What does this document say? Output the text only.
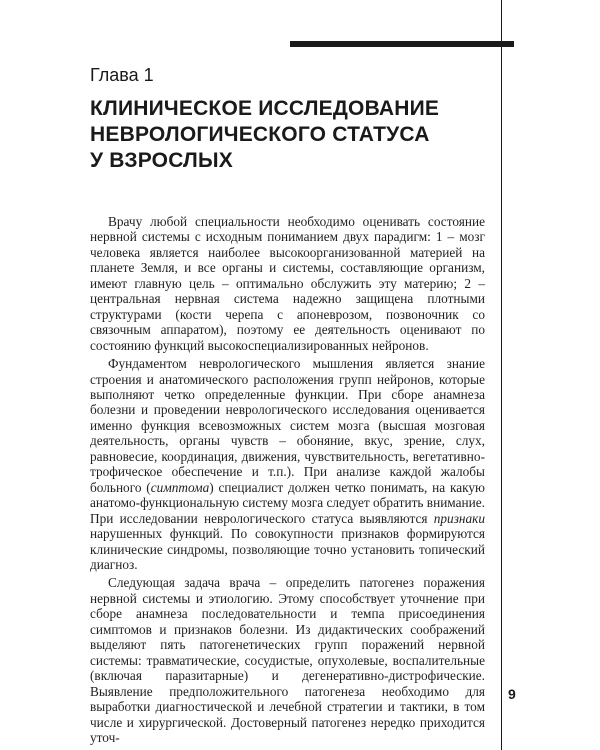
Глава 1
КЛИНИЧЕСКОЕ ИССЛЕДОВАНИЕ
НЕВРОЛОГИЧЕСКОГО СТАТУСА
У ВЗРОСЛЫХ

Врачу любой специальности необходимо оценивать состояние нервной системы с исходным пониманием двух парадигм: 1 – мозг человека является наиболее высокоорганизованной материей на планете Земля, и все органы и системы, составляющие организм, имеют главную цель – оптимально обслужить эту материю; 2 – центральная нервная система надежно защищена плотными структурами (кости черепа с апоневрозом, позвоночник со связочным аппаратом), поэтому ее деятельность оценивают по состоянию функций высокоспециализированных нейронов.

Фундаментом неврологического мышления является знание строения и анатомического расположения групп нейронов, которые выполняют четко определенные функции. При сборе анамнеза болезни и проведении неврологического исследования оценивается именно функция всевозможных систем мозга (высшая мозговая деятельность, органы чувств – обоняние, вкус, зрение, слух, равновесие, координация, движения, чувствительность, вегетативно-трофическое обеспечение и т.п.). При анализе каждой жалобы больного (симптома) специалист должен четко понимать, на какую анатомо-функциональную систему мозга следует обратить внимание. При исследовании неврологического статуса выявляются признаки нарушенных функций. По совокупности признаков формируются клинические синдромы, позволяющие точно установить топический диагноз.

Следующая задача врача – определить патогенез поражения нервной системы и этиологию. Этому способствует уточнение при сборе анамнеза последовательности и темпа присоединения симптомов и признаков болезни. Из дидактических соображений выделяют пять патогенетических групп поражений нервной системы: травматические, сосудистые, опухолевые, воспалительные (включая паразитарные) и дегенеративно-дистрофические. Выявление предположительного патогенеза необходимо для выработки диагностической и лечебной стратегии и тактики, в том числе и хирургической. Достоверный патогенез нередко приходится уточ-

9
